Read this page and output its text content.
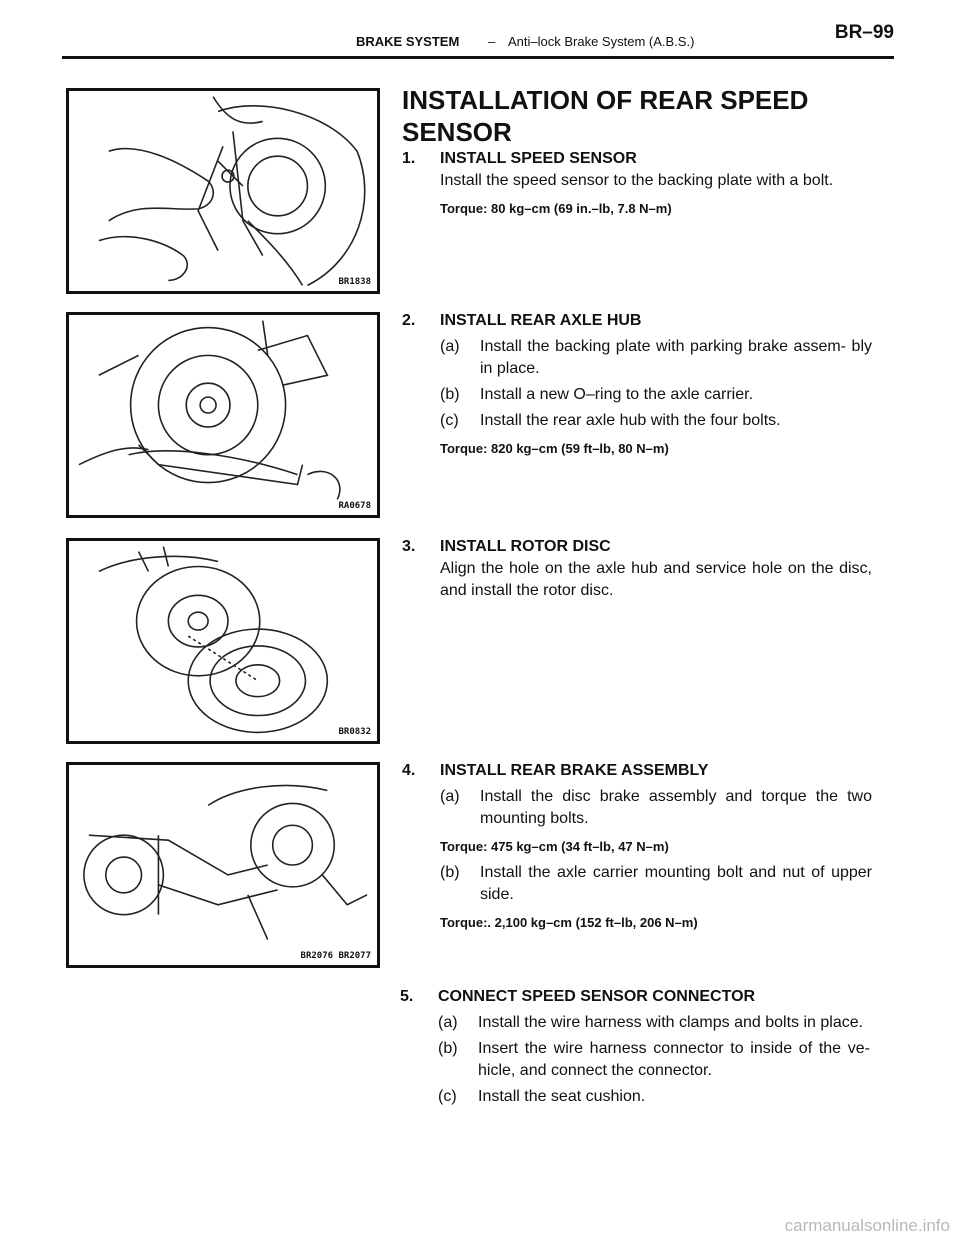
BRAKE SYSTEM – Anti–lock Brake System (A.B.S.)	BR–99
BR1838
RA0678
BR0832
BR2076 BR2077
INSTALLATION OF REAR SPEED
SENSOR
1.	INSTALL SPEED SENSOR
Install the speed sensor to the backing plate with a bolt.
Torque: 80 kg–cm (69 in.–lb, 7.8 N–m)
2.	INSTALL REAR AXLE HUB
(a)	Install the backing plate with parking brake assem- bly in place.
(b)	Install a new O–ring to the axle carrier.
(c)	Install the rear axle hub with the four bolts.
Torque: 820 kg–cm (59 ft–lb, 80 N–m)
3.	INSTALL ROTOR DISC
Align the hole on the axle hub and service hole on the disc, and install the rotor disc.
4.	INSTALL REAR BRAKE ASSEMBLY
(a)	Install the disc brake assembly and torque the two mounting bolts.
Torque: 475 kg–cm (34 ft–lb, 47 N–m)
(b)	Install the axle carrier mounting bolt and nut of upper side.
Torque:. 2,100 kg–cm (152 ft–lb, 206 N–m)
5.	CONNECT SPEED SENSOR CONNECTOR
(a)	Install the wire harness with clamps and bolts in place.
(b)	Insert the wire harness connector to inside of the ve- hicle, and connect the connector.
(c)	Install the seat cushion.
carmanualsonline.info
